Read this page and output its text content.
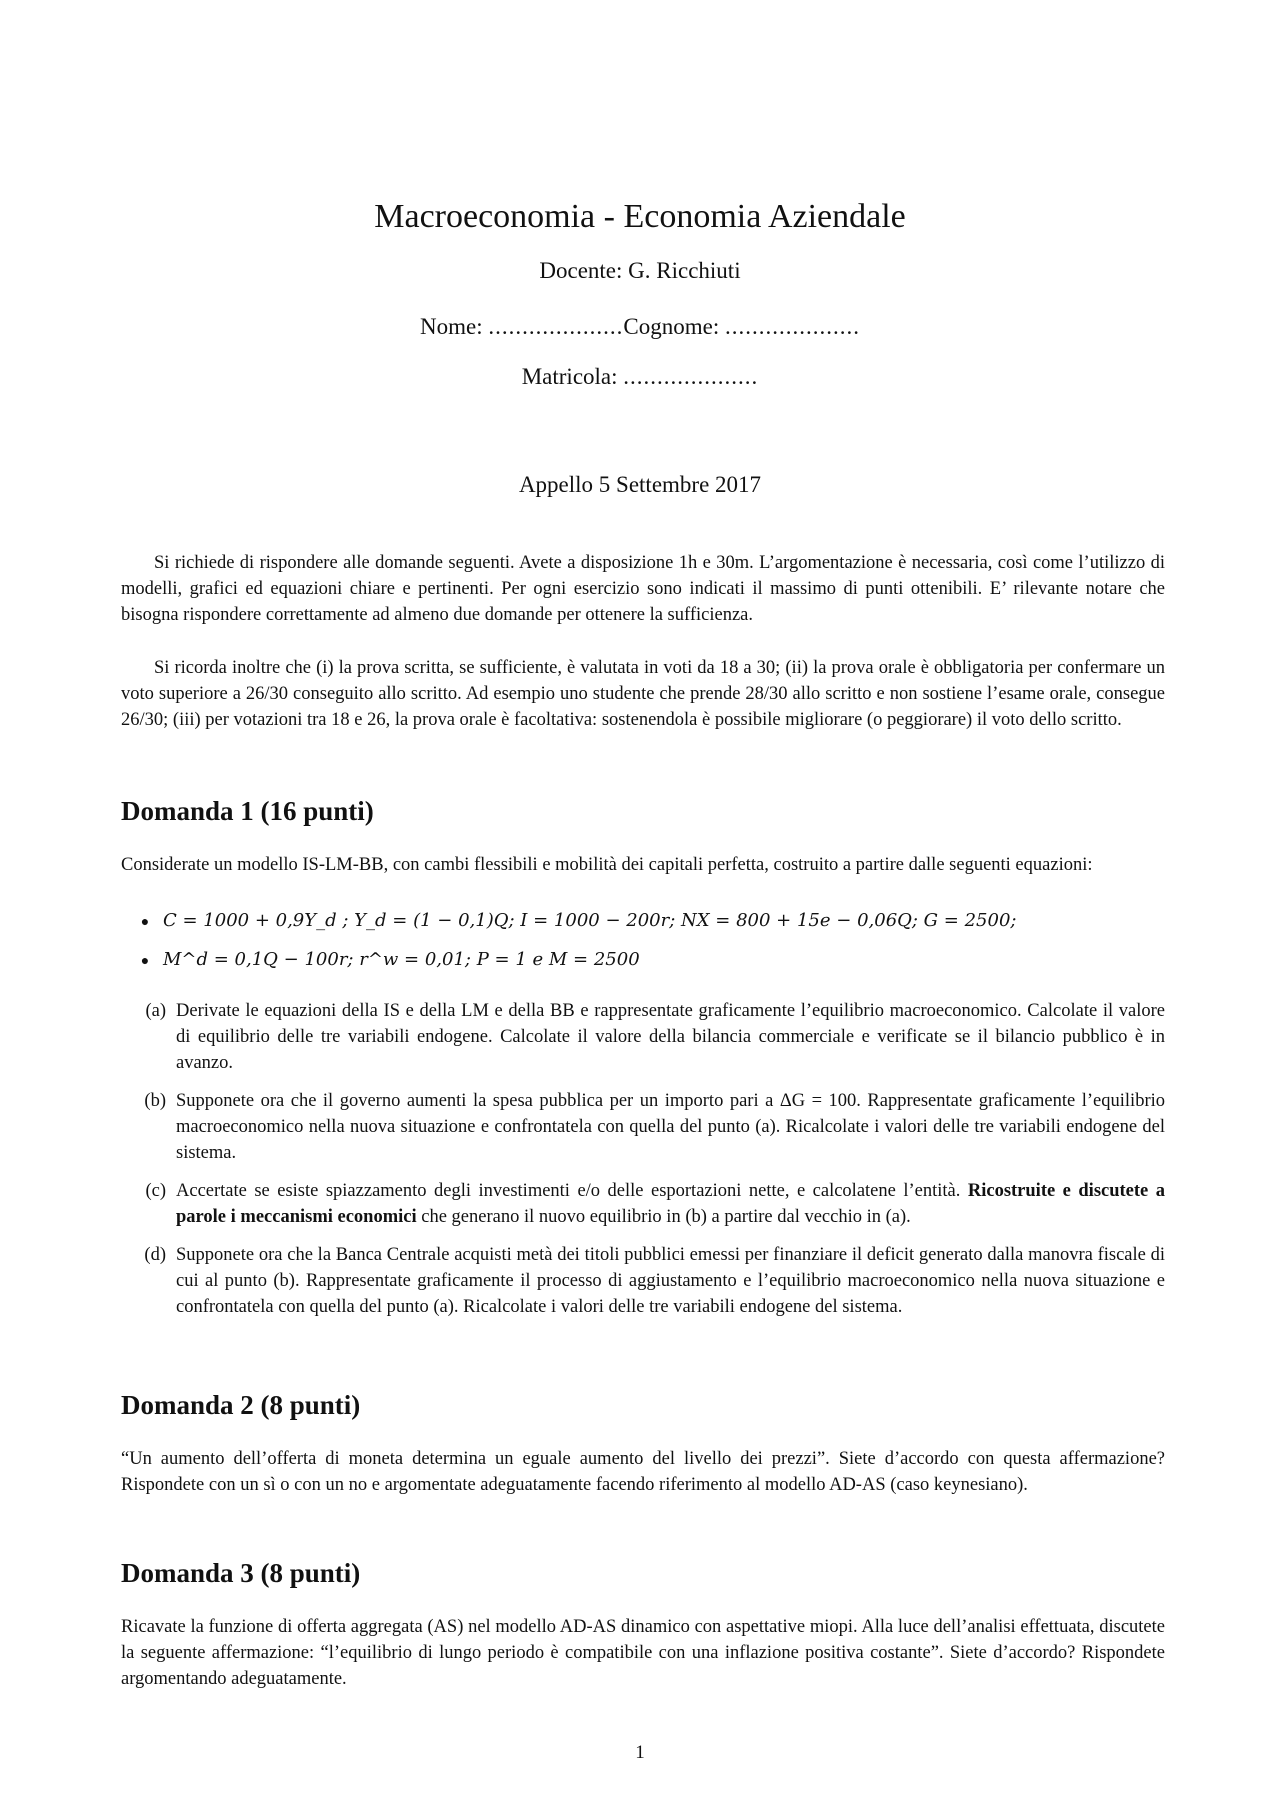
Macroeconomia - Economia Aziendale
Docente: G. Ricchiuti
Nome: ....................Cognome: ....................
Matricola: ....................
Appello 5 Settembre 2017
Si richiede di rispondere alle domande seguenti. Avete a disposizione 1h e 30m. L’argomentazione è necessaria, così come l’utilizzo di modelli, grafici ed equazioni chiare e pertinenti. Per ogni esercizio sono indicati il massimo di punti ottenibili. E’ rilevante notare che bisogna rispondere correttamente ad almeno due domande per ottenere la sufficienza.
Si ricorda inoltre che (i) la prova scritta, se sufficiente, è valutata in voti da 18 a 30; (ii) la prova orale è obbligatoria per confermare un voto superiore a 26/30 conseguito allo scritto. Ad esempio uno studente che prende 28/30 allo scritto e non sostiene l’esame orale, consegue 26/30; (iii) per votazioni tra 18 e 26, la prova orale è facoltativa: sostenendola è possibile migliorare (o peggiorare) il voto dello scritto.
Domanda 1 (16 punti)
Considerate un modello IS-LM-BB, con cambi flessibili e mobilità dei capitali perfetta, costruito a partire dalle seguenti equazioni:
● C = 1000 + 0,9Y_d ; Y_d = (1 − 0,1)Q; I = 1000 − 200r; NX = 800 + 15e − 0,06Q; G = 2500;
● M^d = 0,1Q − 100r; r^w = 0,01; P = 1 e M = 2500
(a) Derivate le equazioni della IS e della LM e della BB e rappresentate graficamente l’equilibrio macroeconomico. Calcolate il valore di equilibrio delle tre variabili endogene. Calcolate il valore della bilancia commerciale e verificate se il bilancio pubblico è in avanzo.
(b) Supponete ora che il governo aumenti la spesa pubblica per un importo pari a ΔG = 100. Rappresentate graficamente l’equilibrio macroeconomico nella nuova situazione e confrontatela con quella del punto (a). Ricalcolate i valori delle tre variabili endogene del sistema.
(c) Accertate se esiste spiazzamento degli investimenti e/o delle esportazioni nette, e calcolatene l’entità. Ricostruite e discutete a parole i meccanismi economici che generano il nuovo equilibrio in (b) a partire dal vecchio in (a).
(d) Supponete ora che la Banca Centrale acquisti metà dei titoli pubblici emessi per finanziare il deficit generato dalla manovra fiscale di cui al punto (b). Rappresentate graficamente il processo di aggiustamento e l’equilibrio macroeconomico nella nuova situazione e confrontatela con quella del punto (a). Ricalcolate i valori delle tre variabili endogene del sistema.
Domanda 2 (8 punti)
“Un aumento dell’offerta di moneta determina un eguale aumento del livello dei prezzi”. Siete d’accordo con questa affermazione? Rispondete con un sì o con un no e argomentate adeguatamente facendo riferimento al modello AD-AS (caso keynesiano).
Domanda 3 (8 punti)
Ricavate la funzione di offerta aggregata (AS) nel modello AD-AS dinamico con aspettative miopi. Alla luce dell’analisi effettuata, discutete la seguente affermazione: “l’equilibrio di lungo periodo è compatibile con una inflazione positiva costante”. Siete d’accordo? Rispondete argomentando adeguatamente.
1
